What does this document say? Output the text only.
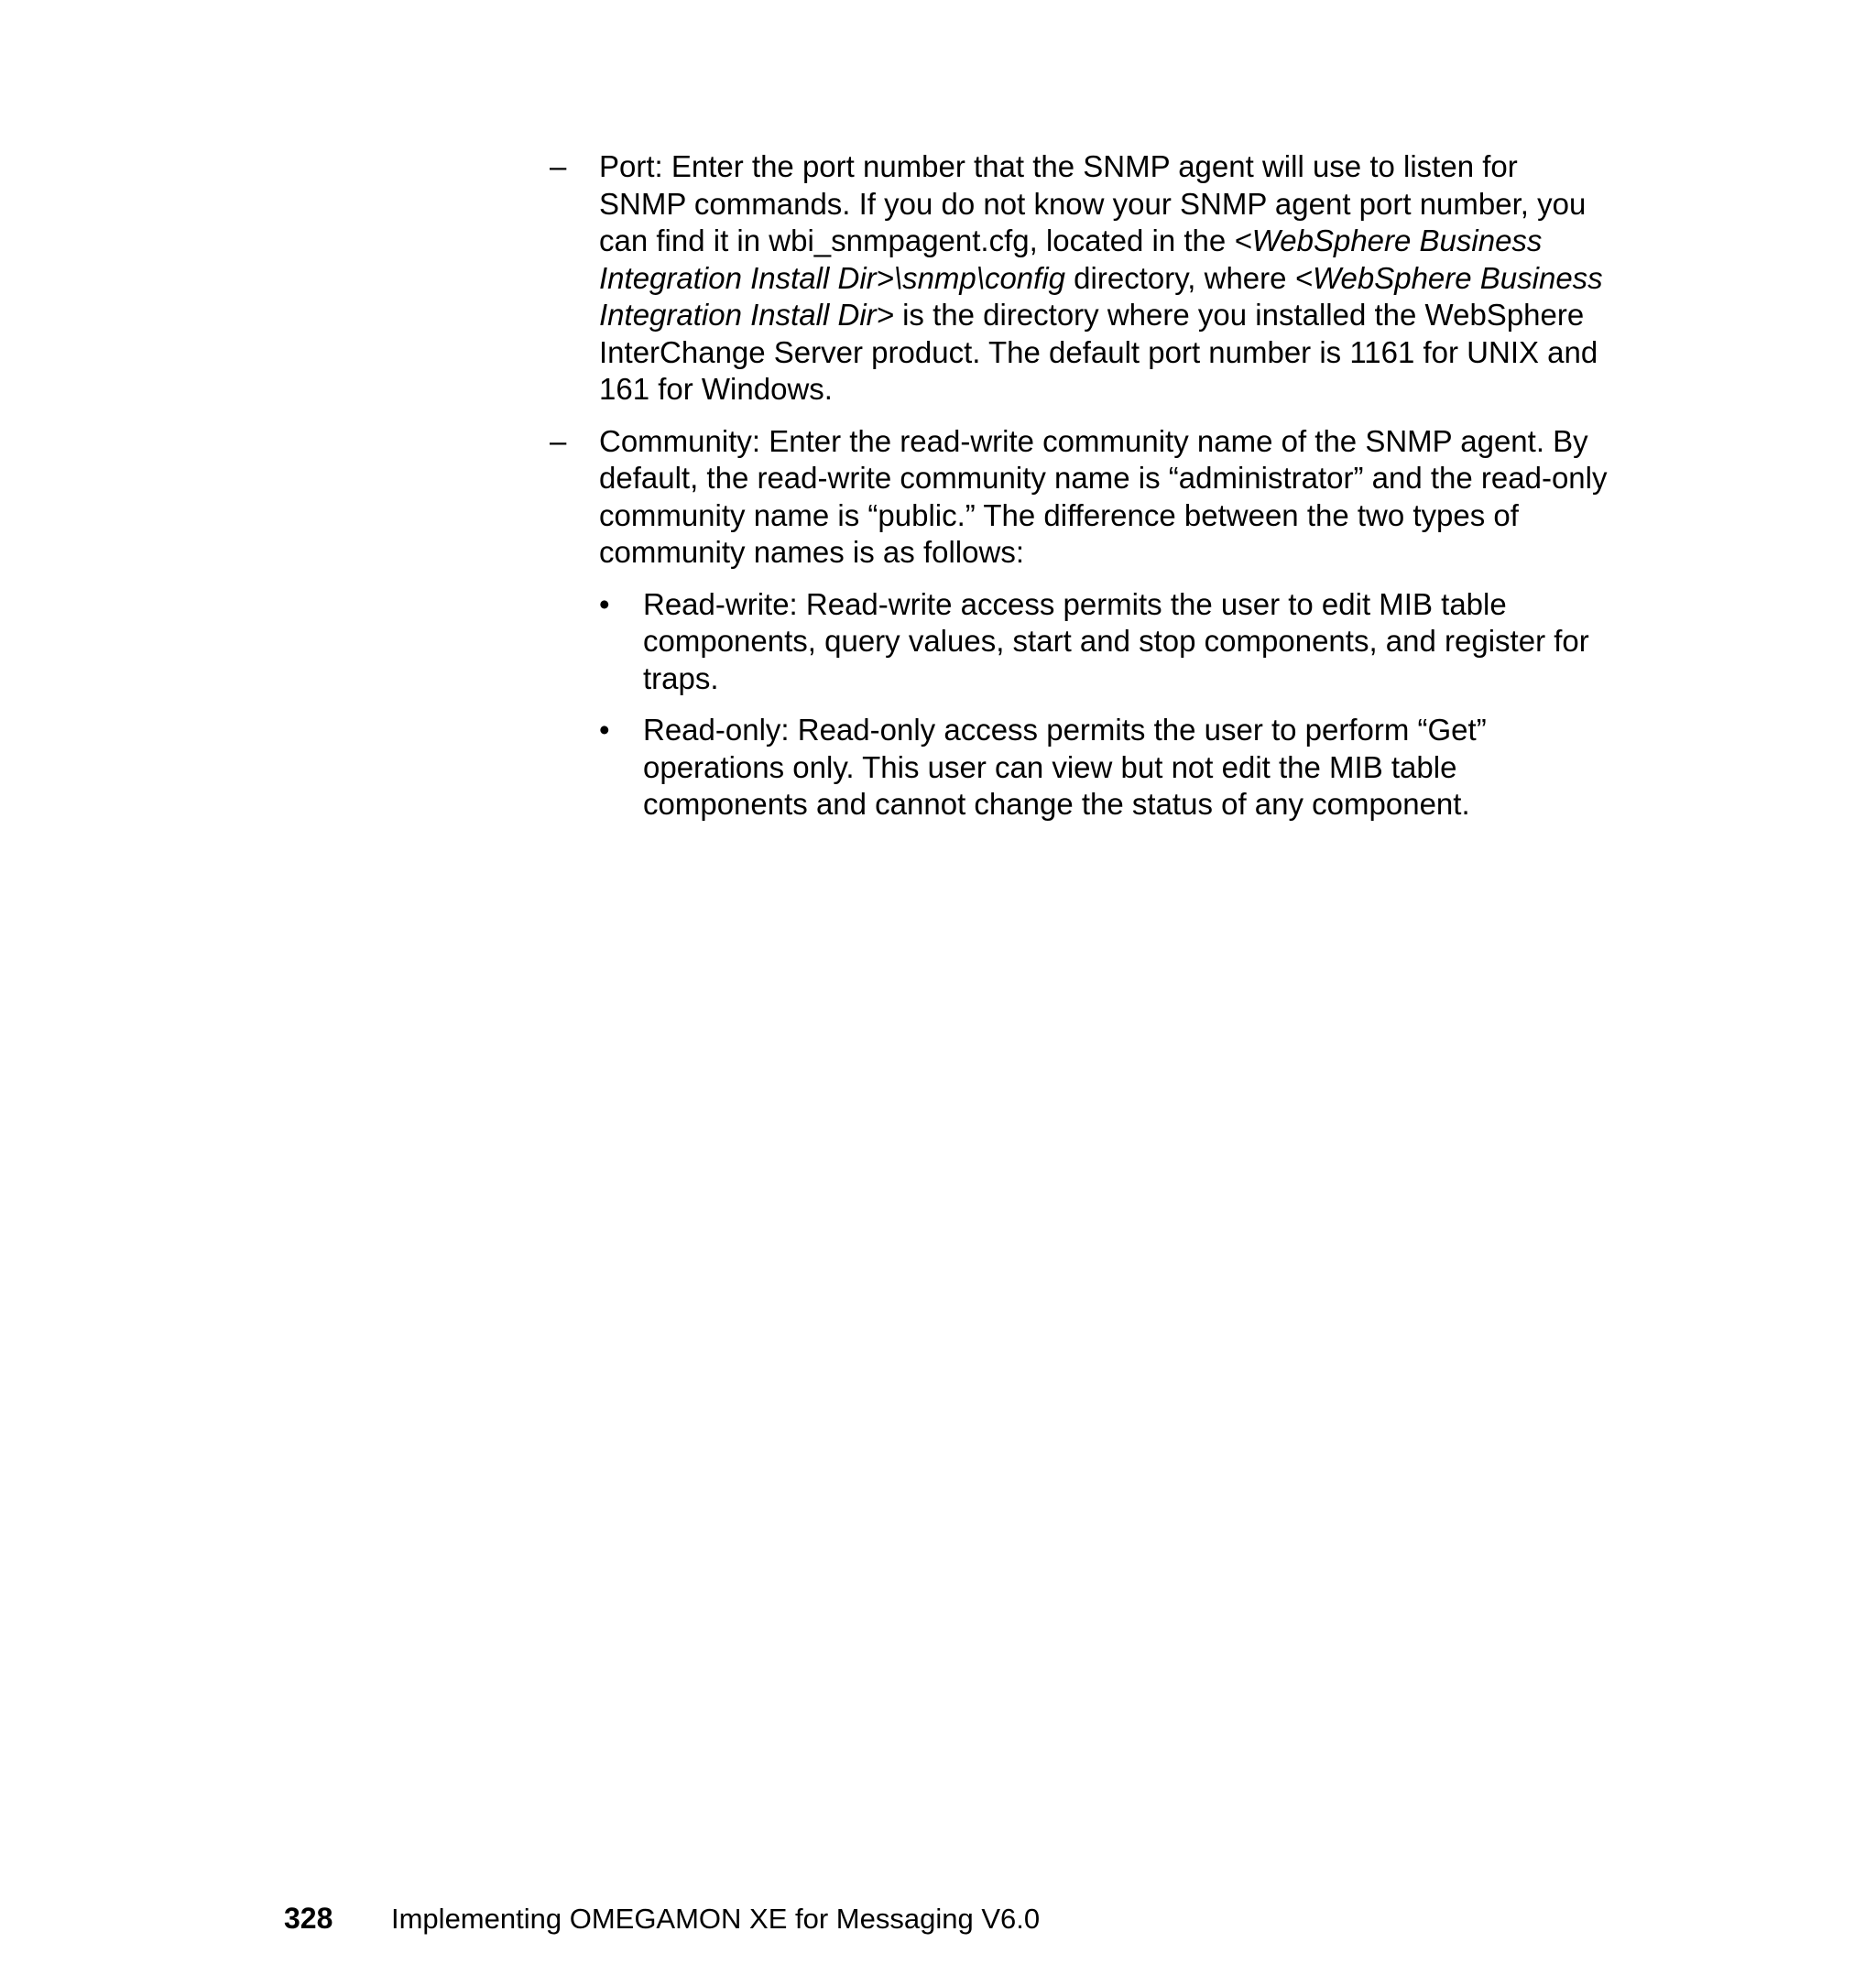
–	Port: Enter the port number that the SNMP agent will use to listen for SNMP commands. If you do not know your SNMP agent port number, you can find it in wbi_snmpagent.cfg, located in the <WebSphere Business Integration Install Dir>\snmp\config directory, where <WebSphere Business Integration Install Dir> is the directory where you installed the WebSphere InterChange Server product. The default port number is 1161 for UNIX and 161 for Windows.
–	Community: Enter the read-write community name of the SNMP agent. By default, the read-write community name is “administrator” and the read-only community name is “public.” The difference between the two types of community names is as follows:
•	Read-write: Read-write access permits the user to edit MIB table components, query values, start and stop components, and register for traps.
•	Read-only: Read-only access permits the user to perform “Get” operations only. This user can view but not edit the MIB table components and cannot change the status of any component.
328 Implementing OMEGAMON XE for Messaging V6.0
